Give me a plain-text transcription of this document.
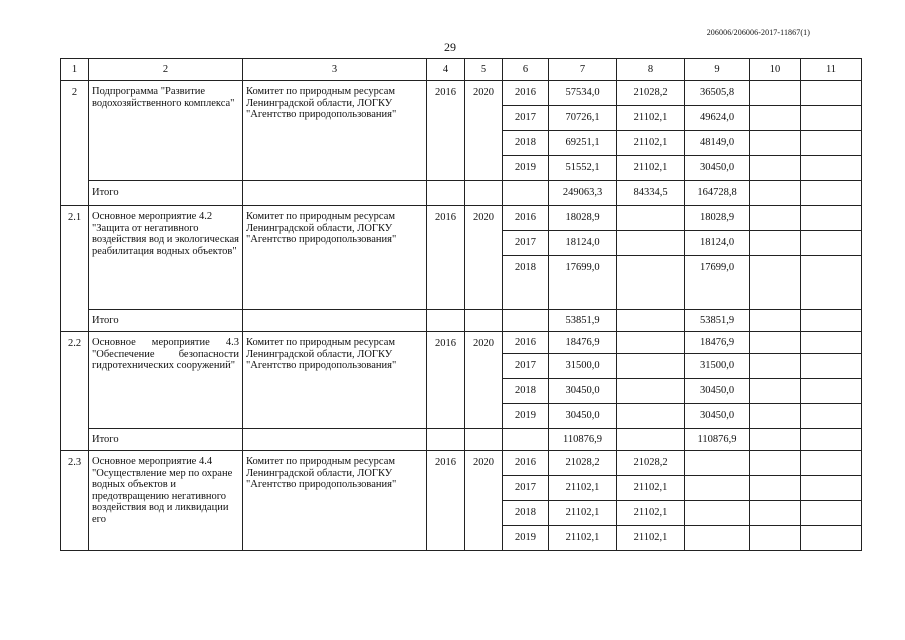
206006/206006-2017-11867(1)
29
1	2	3	4	5	6	7	8	9	10	11
2	Подпрограмма "Развитие водохозяйственного комплекса"	Комитет по природным ресурсам Ленинградской области, ЛОГКУ "Агентство природопользования"	2016	2020	2016	57534,0	21028,2	36505,8		
					2017	70726,1	21102,1	49624,0		
					2018	69251,1	21102,1	48149,0		
					2019	51552,1	21102,1	30450,0		
	Итого					249063,3	84334,5	164728,8		
2.1	Основное мероприятие 4.2 "Защита от негативного воздействия вод и экологическая реабилитация водных объектов"	Комитет по природным ресурсам Ленинградской области, ЛОГКУ "Агентство природопользования"	2016	2020	2016	18028,9		18028,9		
					2017	18124,0		18124,0		
					2018	17699,0		17699,0		
	Итого					53851,9		53851,9		
2.2	Основное мероприятие 4.3 "Обеспечение безопасности гидротехнических сооружений"	Комитет по природным ресурсам Ленинградской области, ЛОГКУ "Агентство природопользования"	2016	2020	2016	18476,9		18476,9		
					2017	31500,0		31500,0		
					2018	30450,0		30450,0		
					2019	30450,0		30450,0		
	Итого					110876,9		110876,9		
2.3	Основное мероприятие 4.4 "Осуществление мер по охране водных объектов и предотвращению негативного воздействия вод и ликвидации его	Комитет по природным ресурсам Ленинградской области, ЛОГКУ "Агентство природопользования"	2016	2020	2016	21028,2	21028,2			
					2017	21102,1	21102,1			
					2018	21102,1	21102,1			
					2019	21102,1	21102,1			
